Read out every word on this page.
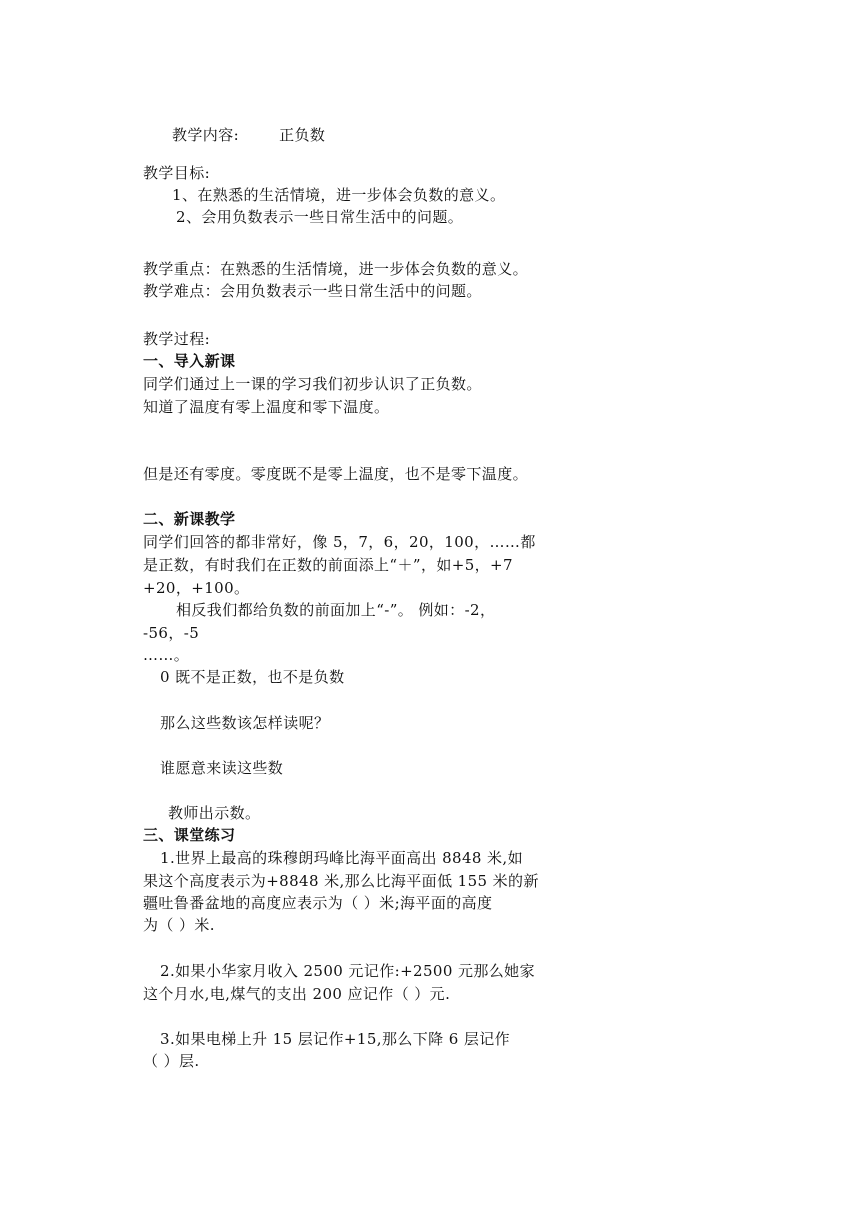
教学内容:	正负数
教学目标:
1、在熟悉的生活情境，进一步体会负数的意义。
2、会用负数表示一些日常生活中的问题。
教学重点：在熟悉的生活情境，进一步体会负数的意义。
教学难点：会用负数表示一些日常生活中的问题。
教学过程:
一、导入新课
同学们通过上一课的学习我们初步认识了正负数。
知道了温度有零上温度和零下温度。
但是还有零度。零度既不是零上温度，也不是零下温度。
二、新课教学
同学们回答的都非常好，像 5，7，6，20，100，……都
是正数，有时我们在正数的前面添上“＋”，如+5，+7
+20，+100。
相反我们都给负数的前面加上“-”。 例如：-2，
-56，-5
……。
0 既不是正数，也不是负数
那么这些数该怎样读呢？
谁愿意来读这些数
教师出示数。
三、课堂练习
1.世界上最高的珠穆朗玛峰比海平面高出 8848 米,如
果这个高度表示为+8848 米,那么比海平面低 155 米的新
疆吐鲁番盆地的高度应表示为（ ）米;海平面的高度
为（ ）米.
2.如果小华家月收入 2500 元记作:+2500 元那么她家
这个月水,电,煤气的支出 200 应记作（ ）元.
3.如果电梯上升 15 层记作+15,那么下降 6 层记作
（ ）层.
